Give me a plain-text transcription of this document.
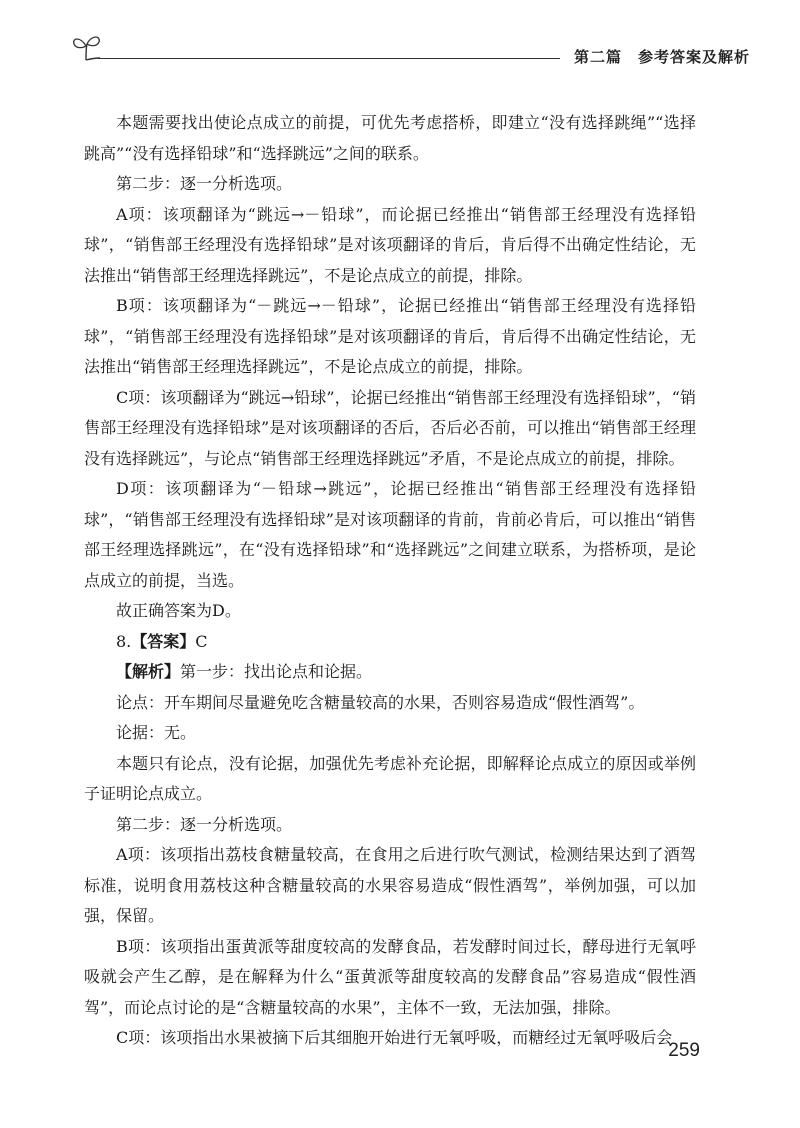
第二篇　参考答案及解析

本题需要找出使论点成立的前提，可优先考虑搭桥，即建立“没有选择跳绳”“选择跳高”“没有选择铅球”和“选择跳远”之间的联系。

第二步：逐一分析选项。

A项：该项翻译为“跳远→－铅球”，而论据已经推出“销售部王经理没有选择铅球”，“销售部王经理没有选择铅球”是对该项翻译的肯后，肯后得不出确定性结论，无法推出“销售部王经理选择跳远”，不是论点成立的前提，排除。

B项：该项翻译为“－跳远→－铅球”，论据已经推出“销售部王经理没有选择铅球”，“销售部王经理没有选择铅球”是对该项翻译的肯后，肯后得不出确定性结论，无法推出“销售部王经理选择跳远”，不是论点成立的前提，排除。

C项：该项翻译为“跳远→铅球”，论据已经推出“销售部王经理没有选择铅球”，“销售部王经理没有选择铅球”是对该项翻译的否后，否后必否前，可以推出“销售部王经理没有选择跳远”，与论点“销售部王经理选择跳远”矛盾，不是论点成立的前提，排除。

D项：该项翻译为“－铅球→跳远”，论据已经推出“销售部王经理没有选择铅球”，“销售部王经理没有选择铅球”是对该项翻译的肯前，肯前必肯后，可以推出“销售部王经理选择跳远”，在“没有选择铅球”和“选择跳远”之间建立联系，为搭桥项，是论点成立的前提，当选。

故正确答案为D。

8.【答案】C

【解析】第一步：找出论点和论据。

论点：开车期间尽量避免吃含糖量较高的水果，否则容易造成“假性酒驾”。

论据：无。

本题只有论点，没有论据，加强优先考虑补充论据，即解释论点成立的原因或举例子证明论点成立。

第二步：逐一分析选项。

A项：该项指出荔枝食糖量较高，在食用之后进行吹气测试，检测结果达到了酒驾标准，说明食用荔枝这种含糖量较高的水果容易造成“假性酒驾”，举例加强，可以加强，保留。

B项：该项指出蛋黄派等甜度较高的发酵食品，若发酵时间过长，酵母进行无氧呼吸就会产生乙醇，是在解释为什么“蛋黄派等甜度较高的发酵食品”容易造成“假性酒驾”，而论点讨论的是“含糖量较高的水果”，主体不一致，无法加强，排除。

C项：该项指出水果被摘下后其细胞开始进行无氧呼吸，而糖经过无氧呼吸后会

259
